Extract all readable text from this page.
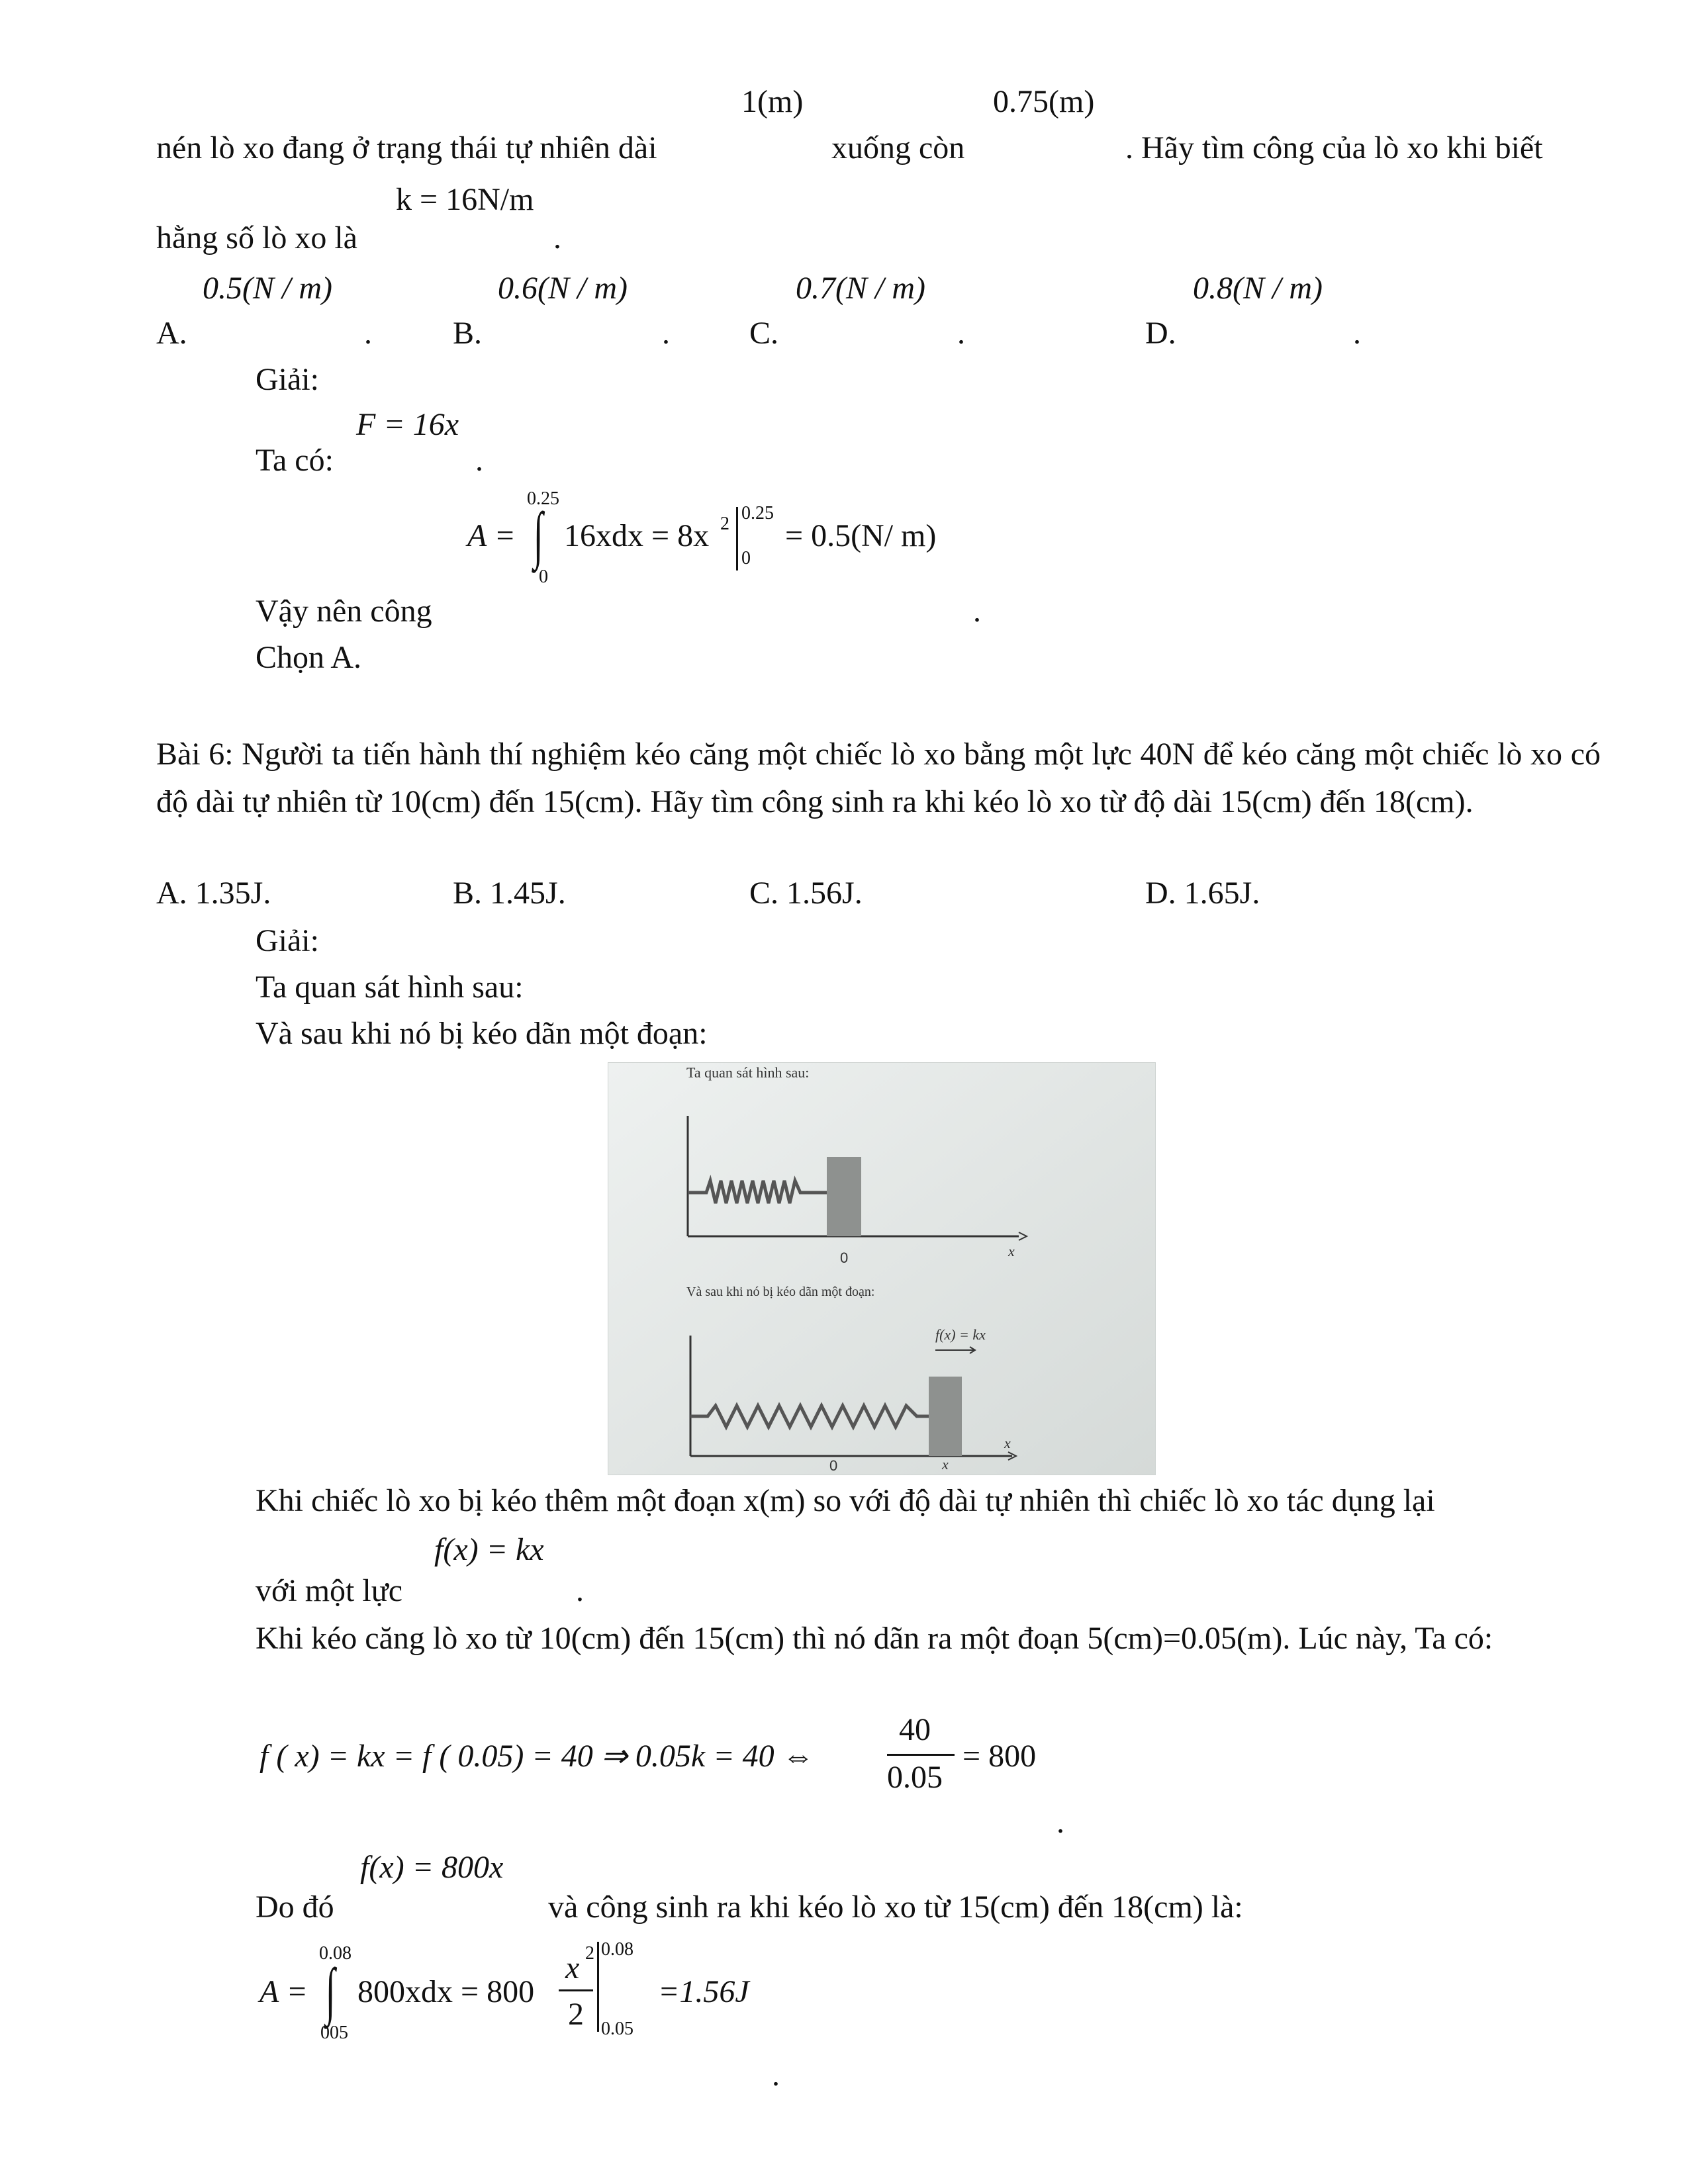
1(m)	0.75(m)
nén lò xo đang ở trạng thái tự nhiên dài	xuống còn	. Hãy tìm công của lò xo khi biết
k = 16N/m
hằng số lò xo là	.
0.5(N / m)	0.6(N / m)	0.7(N / m)	0.8(N / m)
A.	.	B.	.	C.	.	D.	.
Giải:
F = 16x
Ta có:	.
0.25
A = ∫
0
16xdx = 8x 2
0.25
0
= 0.5(N/ m)
Vậy nên công	.
Chọn A.
Bài 6: Người ta tiến hành thí nghiệm kéo căng một chiếc lò xo bằng một lực 40N để kéo căng một chiếc lò xo có độ dài tự nhiên từ 10(cm) đến 15(cm). Hãy tìm công sinh ra khi kéo lò xo từ độ dài 15(cm) đến 18(cm).
A. 1.35J.	B. 1.45J.	C. 1.56J.	D. 1.65J.
Giải:
Ta quan sát hình sau:
Và sau khi nó bị kéo dãn một đoạn:
Ta quan sát hình sau:
0	x
Và sau khi nó bị kéo dãn một đoạn:
f(x) = kx
0	x
x
Khi chiếc lò xo bị kéo thêm một đoạn x(m) so với độ dài tự nhiên thì chiếc lò xo tác dụng lại
f(x) = kx
với một lực	.
Khi kéo căng lò xo từ 10(cm) đến 15(cm) thì nó dãn ra một đoạn 5(cm)=0.05(m). Lúc này, Ta có:
f ( x) = kx = f ( 0.05) = 40 ⇒ 0.05k = 40 ⇔
40
0.05
= 800
.
f(x) = 800x
Do đó	và công sinh ra khi kéo lò xo từ 15(cm) đến 18(cm) là:
0.08
A = ∫
005
800xdx = 800
x 2
2
0.08
0.05
=1.56J
.
